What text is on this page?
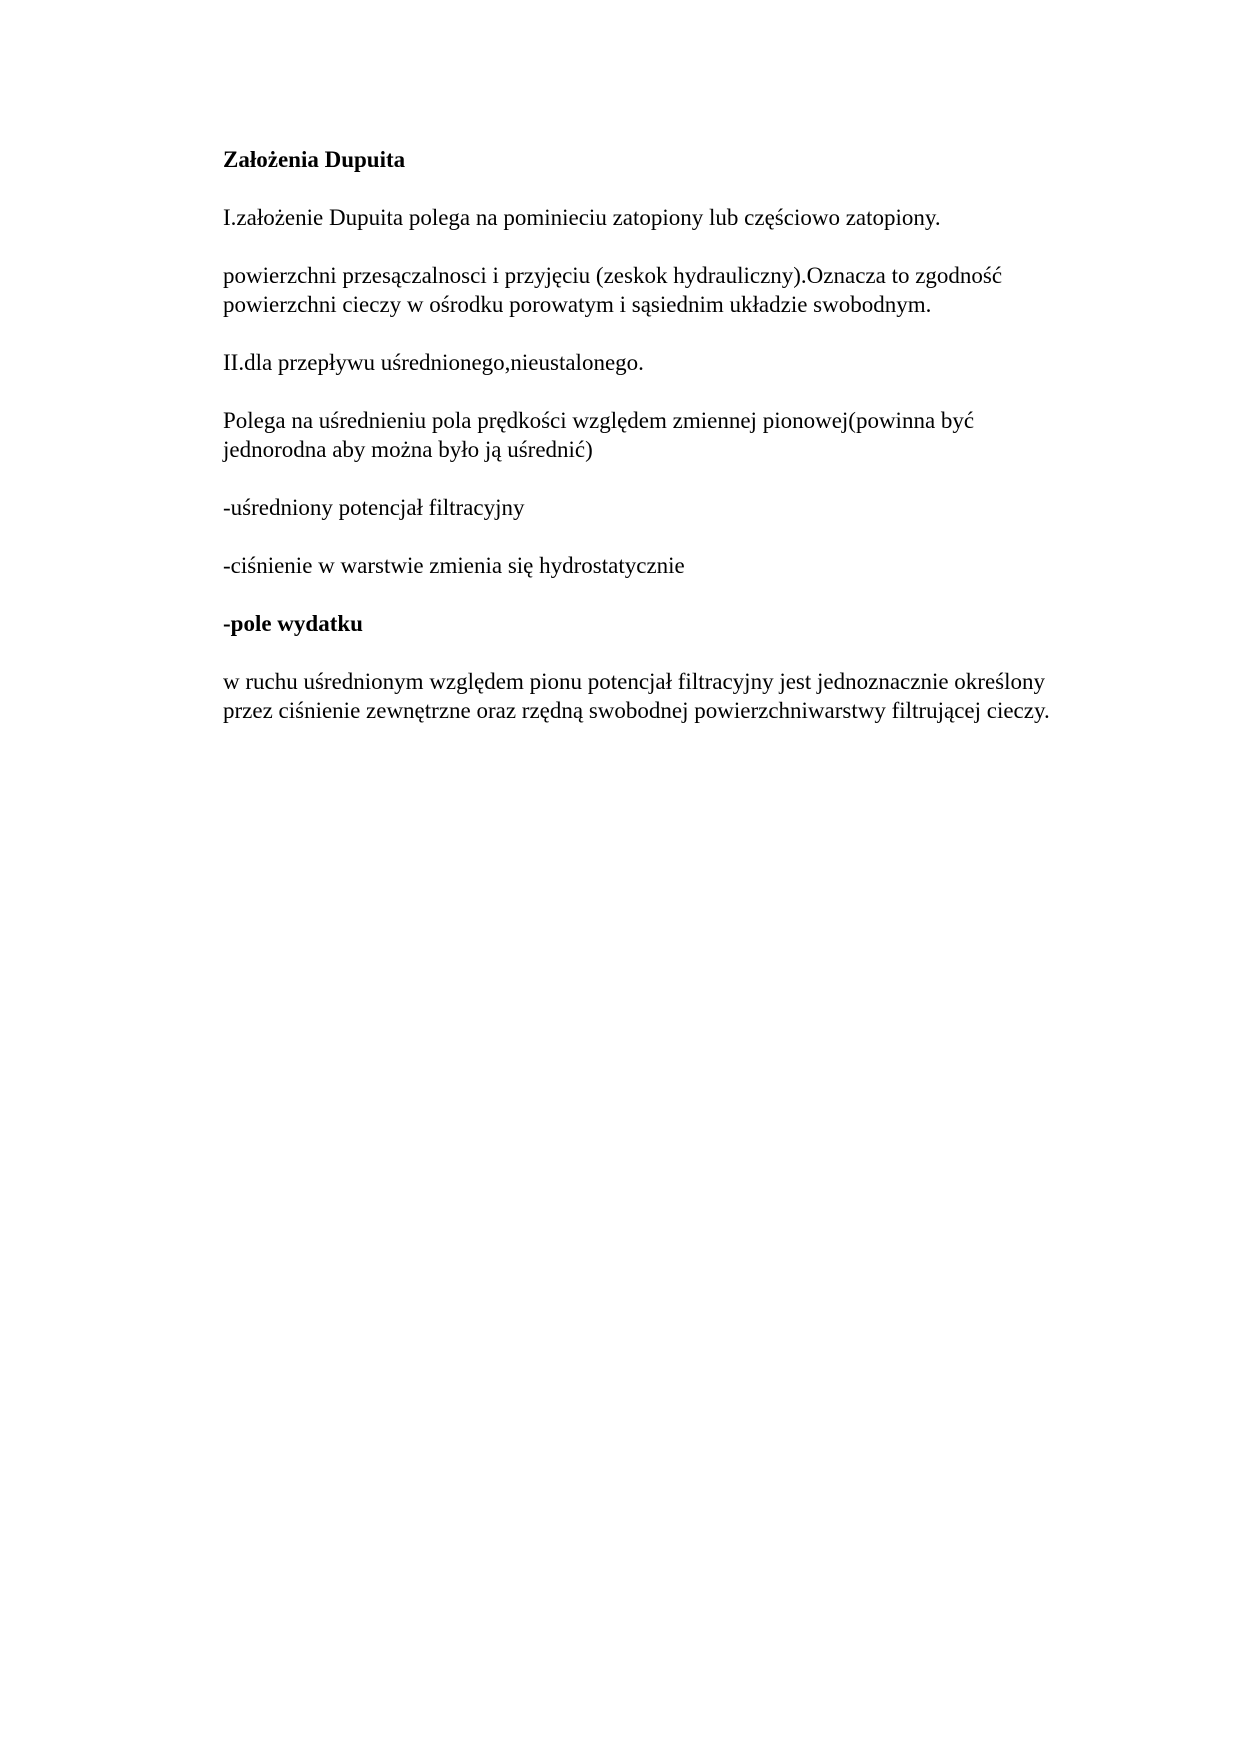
Założenia Dupuita

I.założenie Dupuita polega na pominieciu zatopiony lub częściowo zatopiony.

powierzchni przesączalnosci i przyjęciu (zeskok hydrauliczny).Oznacza to zgodność powierzchni cieczy w ośrodku porowatym i sąsiednim układzie swobodnym.

II.dla przepływu uśrednionego,nieustalonego.

Polega na uśrednieniu pola prędkości względem zmiennej pionowej(powinna być jednorodna aby można było ją uśrednić)

-uśredniony potencjał filtracyjny

-ciśnienie w warstwie zmienia się hydrostatycznie

-pole wydatku

w ruchu uśrednionym względem pionu potencjał filtracyjny jest jednoznacznie określony przez ciśnienie zewnętrzne oraz rzędną swobodnej powierzchniwarstwy filtrującej cieczy.
